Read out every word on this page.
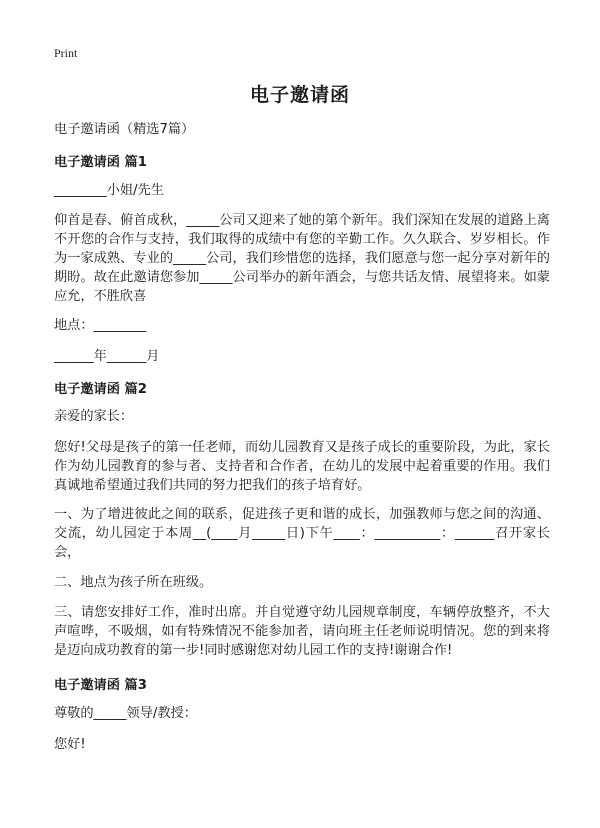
Print
电子邀请函
电子邀请函（精选7篇）
电子邀请函 篇1
________小姐/先生
仰首是春、俯首成秋，_____公司又迎来了她的第个新年。我们深知在发展的道路上离不开您的合作与支持，我们取得的成绩中有您的辛勤工作。久久联合、岁岁相长。作为一家成熟、专业的_____公司，我们珍惜您的选择，我们愿意与您一起分享对新年的期盼。故在此邀请您参加_____公司举办的新年酒会，与您共话友情、展望将来。如蒙应允，不胜欣喜
地点：________
______年______月
电子邀请函 篇2
亲爱的家长：
您好!父母是孩子的第一任老师，而幼儿园教育又是孩子成长的重要阶段，为此，家长作为幼儿园教育的参与者、支持者和合作者，在幼儿的发展中起着重要的作用。我们真诚地希望通过我们共同的努力把我们的孩子培育好。
一、为了增进彼此之间的联系，促进孩子更和谐的成长，加强教师与您之间的沟通、交流，幼儿园定于本周__(____月_____日)下午____：__________：______召开家长会，
二、地点为孩子所在班级。
三、请您安排好工作，准时出席。并自觉遵守幼儿园规章制度，车辆停放整齐，不大声喧哗，不吸烟，如有特殊情况不能参加者，请向班主任老师说明情况。您的到来将是迈向成功教育的第一步!同时感谢您对幼儿园工作的支持!谢谢合作!
电子邀请函 篇3
尊敬的_____领导/教授：
您好!
